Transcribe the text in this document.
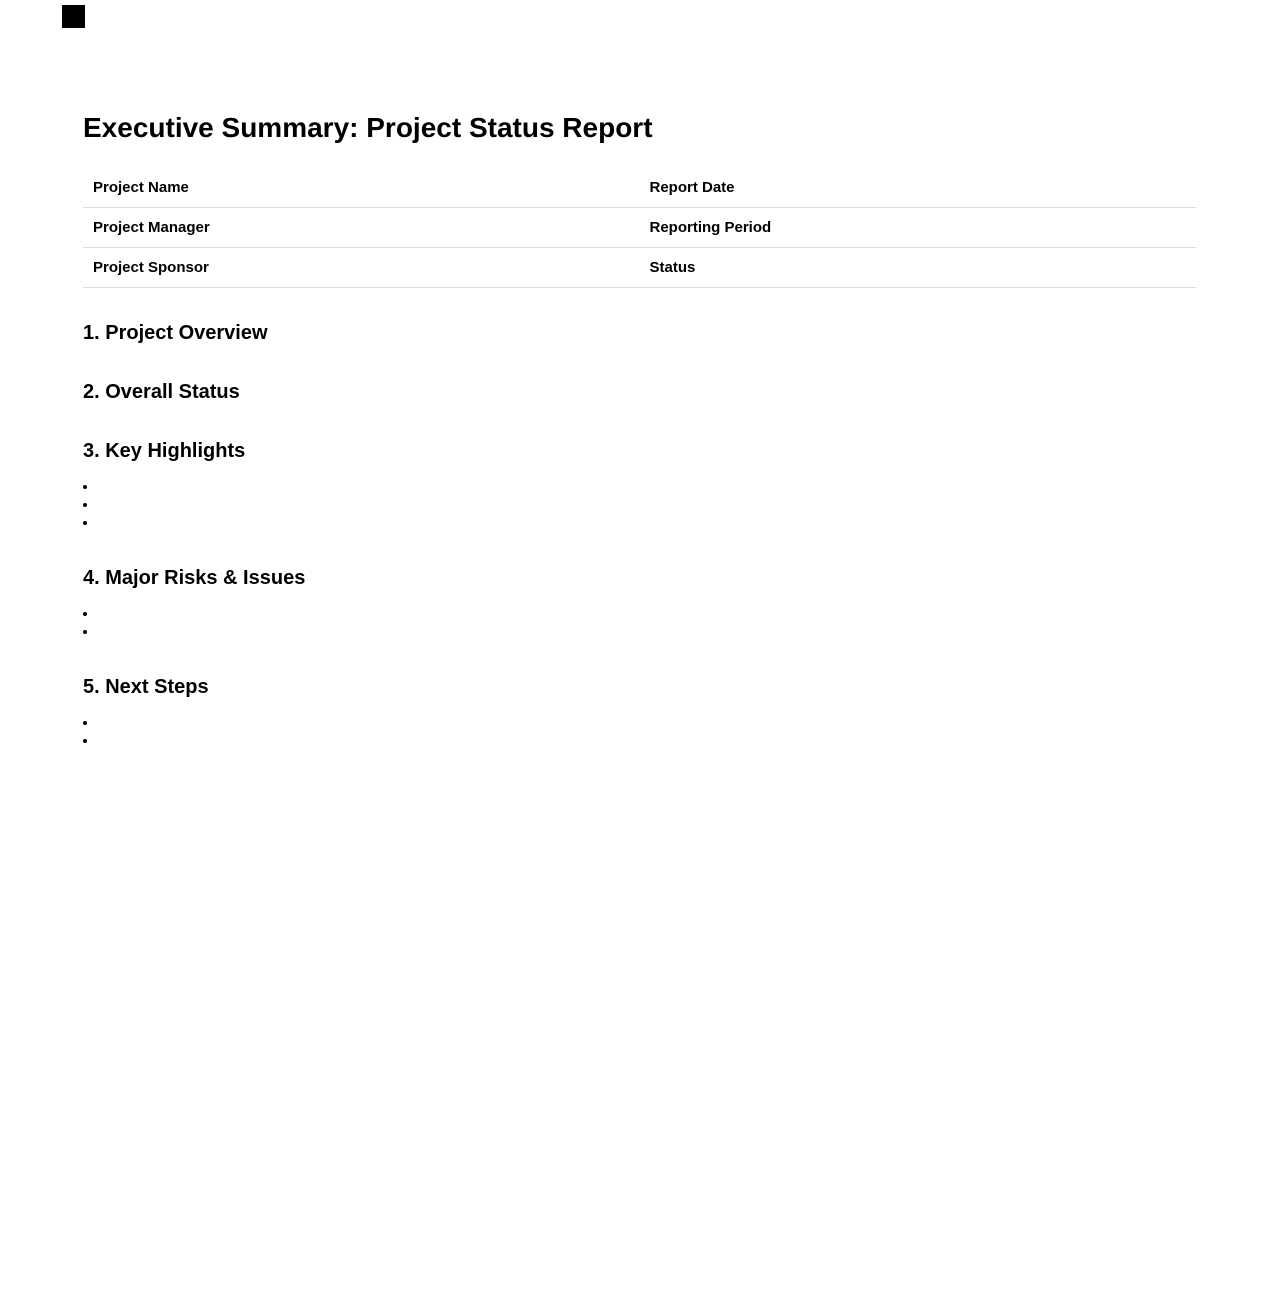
Executive Summary: Project Status Report
Project Name	Report Date
Project Manager	Reporting Period
Project Sponsor	Status
1. Project Overview
2. Overall Status
3. Key Highlights
• ​
• ​
• ​
4. Major Risks & Issues
• ​
• ​
5. Next Steps
• ​
• ​
